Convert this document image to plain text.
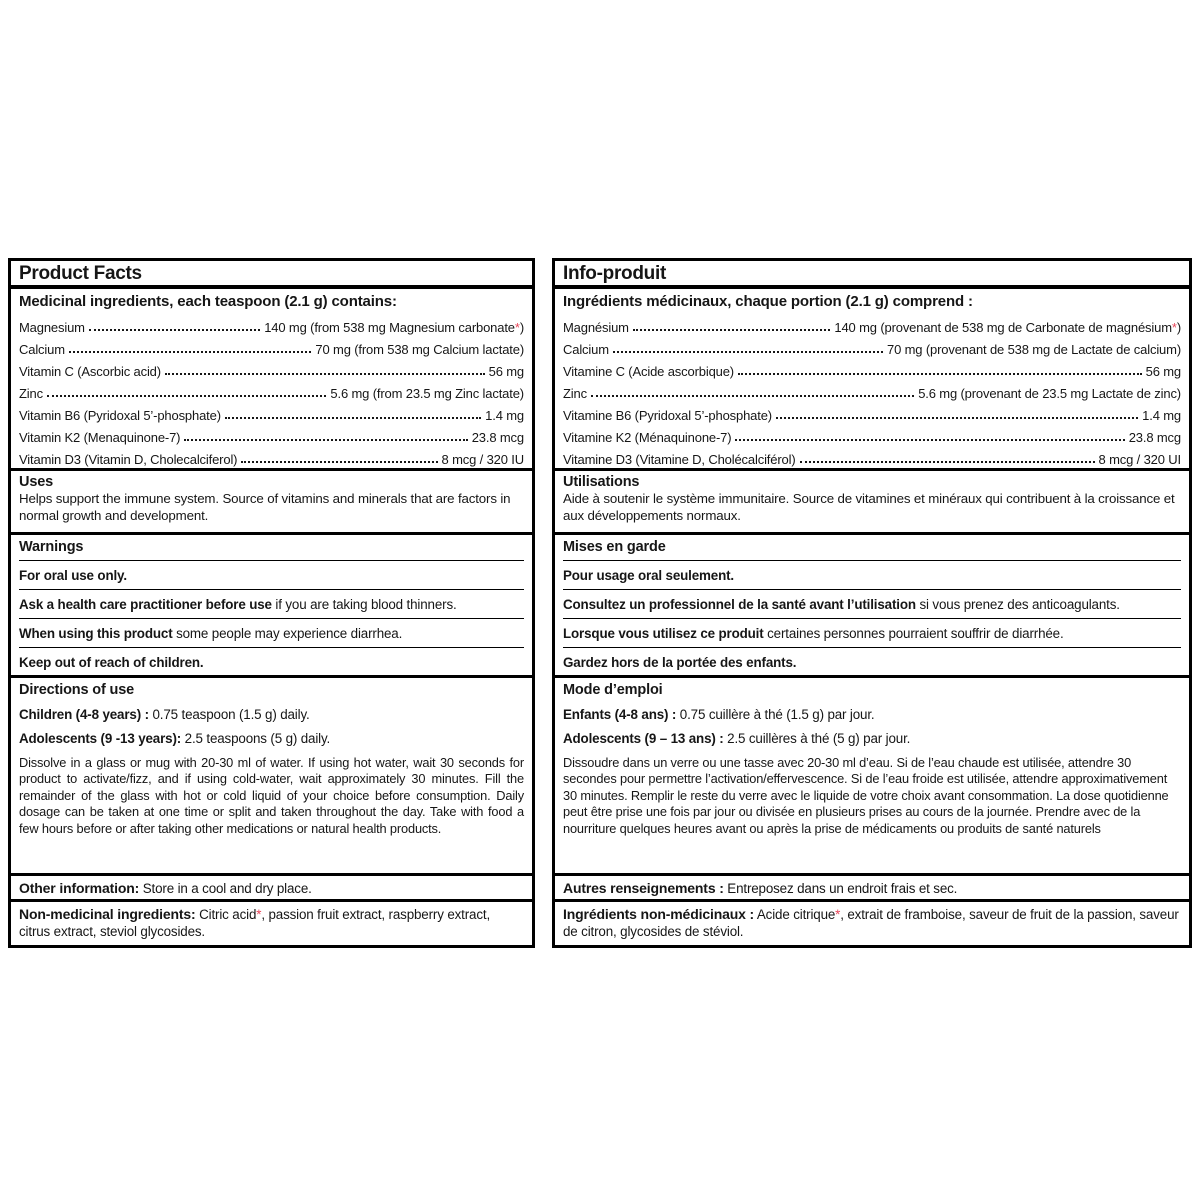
Product Facts
Medicinal ingredients, each teaspoon (2.1 g) contains:
Magnesium	140 mg (from 538 mg Magnesium carbonate*)
Calcium	70 mg (from 538 mg Calcium lactate)
Vitamin C (Ascorbic acid)	56 mg
Zinc	5.6 mg (from 23.5 mg Zinc lactate)
Vitamin B6 (Pyridoxal 5’-phosphate)	1.4 mg
Vitamin K2 (Menaquinone-7)	23.8 mcg
Vitamin D3 (Vitamin D, Cholecalciferol)	8 mcg / 320 IU
Uses
Helps support the immune system. Source of vitamins and minerals that are factors in normal growth and development.
Warnings

For oral use only.

Ask a health care practitioner before use if you are taking blood thinners.

When using this product some people may experience diarrhea.

Keep out of reach of children.

Directions of use

Children (4-8 years) : 0.75 teaspoon (1.5 g) daily.

Adolescents (9 -13 years): 2.5 teaspoons (5 g) daily.

Dissolve in a glass or mug with 20-30 ml of water. If using hot water, wait 30 seconds for product to activate/fizz, and if using cold-water, wait approximately 30 minutes. Fill the remainder of the glass with hot or cold liquid of your choice before consumption. Daily dosage can be taken at one time or split and taken throughout the day. Take with food a few hours before or after taking other medications or natural health products.

Other information: Store in a cool and dry place.
Non-medicinal ingredients: Citric acid*, passion fruit extract, raspberry extract, citrus extract, steviol glycosides.
Info-produit
Ingrédients médicinaux, chaque portion (2.1 g) comprend :
Magnésium	140 mg (provenant de 538 mg de Carbonate de magnésium*)
Calcium	70 mg (provenant de 538 mg de Lactate de calcium)
Vitamine C (Acide ascorbique)	56 mg
Zinc	5.6 mg (provenant de 23.5 mg Lactate de zinc)
Vitamine B6 (Pyridoxal 5’-phosphate)	1.4 mg
Vitamine K2 (Ménaquinone-7)	23.8 mcg
Vitamine D3 (Vitamine D, Cholécalciférol)	8 mcg / 320 UI
Utilisations
Aide à soutenir le système immunitaire. Source de vitamines et minéraux qui contribuent à la croissance et aux développements normaux.
Mises en garde

Pour usage oral seulement.

Consultez un professionnel de la santé avant l’utilisation si vous prenez des anticoagulants.

Lorsque vous utilisez ce produit certaines personnes pourraient souffrir de diarrhée.

Gardez hors de la portée des enfants.

Mode d’emploi

Enfants (4-8 ans) : 0.75 cuillère à thé (1.5 g) par jour.

Adolescents (9 – 13 ans) : 2.5 cuillères à thé (5 g) par jour.

Dissoudre dans un verre ou une tasse avec 20-30 ml d’eau. Si de l’eau chaude est utilisée, attendre 30 secondes pour permettre l’activation/effervescence. Si de l’eau froide est utilisée, attendre approximativement 30 minutes. Remplir le reste du verre avec le liquide de votre choix avant consommation. La dose quotidienne peut être prise une fois par jour ou divisée en plusieurs prises au cours de la journée. Prendre avec de la nourriture quelques heures avant ou après la prise de médicaments ou produits de santé naturels

Autres renseignements : Entreposez dans un endroit frais et sec.
Ingrédients non-médicinaux : Acide citrique*, extrait de framboise, saveur de fruit de la passion, saveur de citron, glycosides de stéviol.
